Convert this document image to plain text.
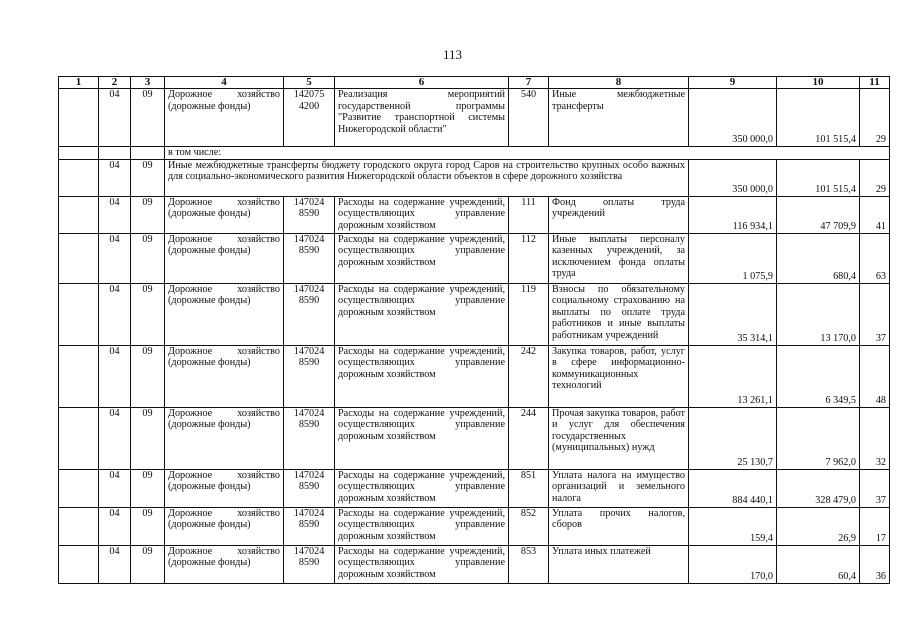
113
1	2	3	4	5	6	7	8	9	10	11
	04	09	Дорожное хозяйство (дорожные фонды)	142075 4200	Реализация мероприятий государственной программы "Развитие транспортной системы Нижегородской области"	540	Иные межбюджетные трансферты	350 000,0	101 515,4	29
			в том числе:							
	04	09	Иные межбюджетные трансферты бюджету городского округа город Саров на строительство крупных особо важных для социально-экономического развития Нижегородской области объектов в сфере дорожного хозяйства					350 000,0	101 515,4	29
	04	09	Дорожное хозяйство (дорожные фонды)	147024 8590	Расходы на содержание учреждений, осуществляющих управление дорожным хозяйством	111	Фонд оплаты труда учреждений	116 934,1	47 709,9	41
	04	09	Дорожное хозяйство (дорожные фонды)	147024 8590	Расходы на содержание учреждений, осуществляющих управление дорожным хозяйством	112	Иные выплаты персоналу казенных учреждений, за исключением фонда оплаты труда	1 075,9	680,4	63
	04	09	Дорожное хозяйство (дорожные фонды)	147024 8590	Расходы на содержание учреждений, осуществляющих управление дорожным хозяйством	119	Взносы по обязательному социальному страхованию на выплаты по оплате труда работников и иные выплаты работникам учреждений	35 314,1	13 170,0	37
	04	09	Дорожное хозяйство (дорожные фонды)	147024 8590	Расходы на содержание учреждений, осуществляющих управление дорожным хозяйством	242	Закупка товаров, работ, услуг в сфере информационно-коммуникационных технологий	13 261,1	6 349,5	48
	04	09	Дорожное хозяйство (дорожные фонды)	147024 8590	Расходы на содержание учреждений, осуществляющих управление дорожным хозяйством	244	Прочая закупка товаров, работ и услуг для обеспечения государственных (муниципальных) нужд	25 130,7	7 962,0	32
	04	09	Дорожное хозяйство (дорожные фонды)	147024 8590	Расходы на содержание учреждений, осуществляющих управление дорожным хозяйством	851	Уплата налога на имущество организаций и земельного налога	884 440,1	328 479,0	37
	04	09	Дорожное хозяйство (дорожные фонды)	147024 8590	Расходы на содержание учреждений, осуществляющих управление дорожным хозяйством	852	Уплата прочих налогов, сборов	159,4	26,9	17
	04	09	Дорожное хозяйство (дорожные фонды)	147024 8590	Расходы на содержание учреждений, осуществляющих управление дорожным хозяйством	853	Уплата иных платежей	170,0	60,4	36
